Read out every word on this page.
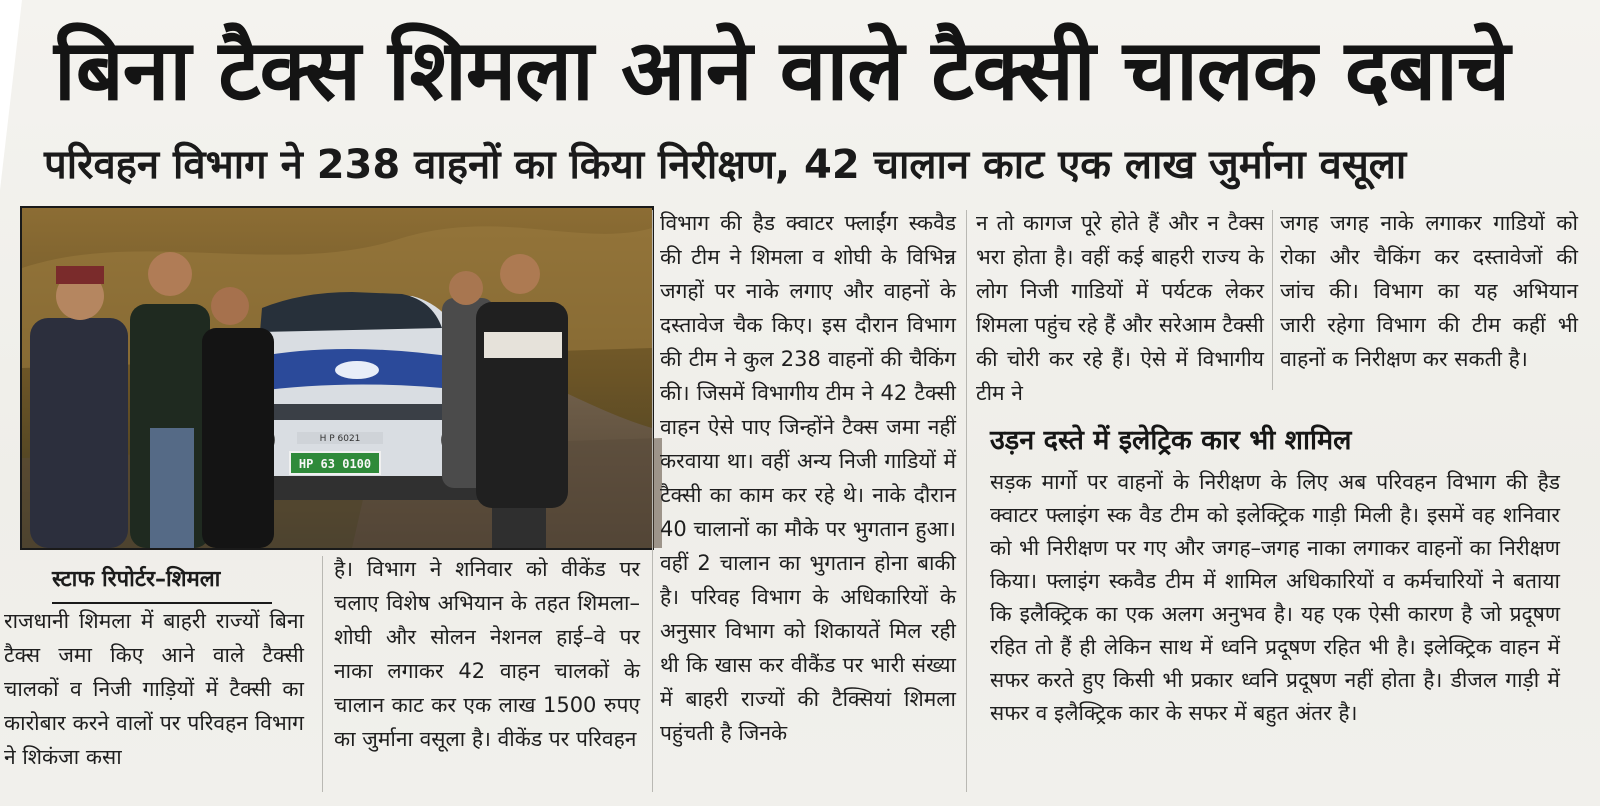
बिना टैक्स शिमला आने वाले टैक्सी चालक दबाचे
परिवहन विभाग ने 238 वाहनों का किया निरीक्षण, 42 चालान काट एक लाख जुर्माना वसूला
H P 6021
HP 63 0100
स्टाफ रिपोर्टर–शिमला

राजधानी शिमला में बाहरी राज्यों बिना टैक्स जमा किए आने वाले टैक्सी चालकों व निजी गाड़ियों में टैक्सी का कारोबार करने वालों पर परिवहन विभाग ने शिकंजा कसा

है। विभाग ने शनिवार को वीकेंड पर चलाए विशेष अभियान के तहत शिमला–शोघी और सोलन नेशनल हाई–वे पर नाका लगाकर 42 वाहन चालकों के चालान काट कर एक लाख 1500 रुपए का जुर्माना वसूला है। वीकेंड पर परिवहन

विभाग की हैड क्वाटर फ्लाईंग स्कवैड की टीम ने शिमला व शोघी के विभिन्न जगहों पर नाके लगाए और वाहनों के दस्तावेज चैक किए। इस दौरान विभाग की टीम ने कुल 238 वाहनों की चैकिंग की। जिसमें विभागीय टीम ने 42 टैक्सी वाहन ऐसे पाए जिन्होंने टैक्स जमा नहीं करवाया था। वहीं अन्य निजी गाडियों में टैक्सी का काम कर रहे थे। नाके दौरान 40 चालानों का मौके पर भुगतान हुआ। वहीं 2 चालान का भुगतान होना बाकी है। परिवह विभाग के अधिकारियों के अनुसार विभाग को शिकायतें मिल रही थी कि खास कर वीकैंड पर भारी संख्या में बाहरी राज्यों की टैक्सियां शिमला पहुंचती है जिनके

न तो कागज पूरे होते हैं और न टैक्स भरा होता है। वहीं कई बाहरी राज्य के लोग निजी गाडियों में पर्यटक लेकर शिमला पहुंच रहे हैं और सरेआम टैक्सी की चोरी कर रहे हैं। ऐसे में विभागीय टीम ने

जगह जगह नाके लगाकर गाडियों को रोका और चैकिंग कर दस्तावेजों की जांच की। विभाग का यह अभियान जारी रहेगा विभाग की टीम कहीं भी वाहनों क निरीक्षण कर सकती है।

उड़न दस्ते में इलेट्रिक कार भी शामिल

सड़क मार्गो पर वाहनों के निरीक्षण के लिए अब परिवहन विभाग की हैड क्वाटर फ्लाइंग स्क वैड टीम को इलेक्ट्रिक गाड़ी मिली है। इसमें वह शनिवार को भी निरीक्षण पर गए और जगह–जगह नाका लगाकर वाहनों का निरीक्षण किया। फ्लाइंग स्कवैड टीम में शामिल अधिकारियों व कर्मचारियों ने बताया कि इलैक्ट्रिक का एक अलग अनुभव है। यह एक ऐसी कारण है जो प्रदूषण रहित तो हैं ही लेकिन साथ में ध्वनि प्रदूषण रहित भी है। इलेक्ट्रिक वाहन में सफर करते हुए किसी भी प्रकार ध्वनि प्रदूषण नहीं होता है। डीजल गाड़ी में सफर व इलैक्ट्रिक कार के सफर में बहुत अंतर है।
